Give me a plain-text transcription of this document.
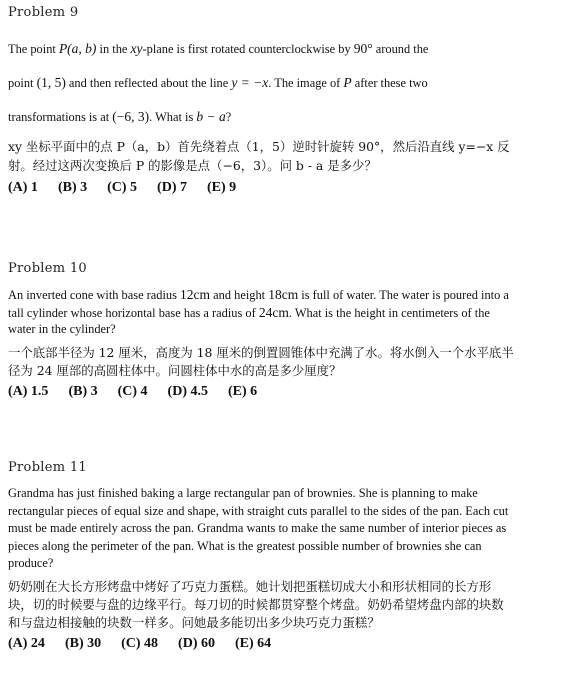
Problem 9
The point P(a, b) in the xy-plane is first rotated counterclockwise by 90° around the
point (1, 5) and then reflected about the line y = −x. The image of P after these two
transformations is at (−6, 3). What is b − a?
xy 坐标平面中的点 P（a，b）首先绕着点（1，5）逆时针旋转 90°，然后沿直线 y=−x 反
射。经过这两次变换后 P 的影像是点（−6，3）。问 b - a 是多少？
(A) 1 (B) 3 (C) 5 (D) 7 (E) 9
Problem 10
An inverted cone with base radius 12cm and height 18cm is full of water. The water is poured into a
tall cylinder whose horizontal base has a radius of 24cm. What is the height in centimeters of the
water in the cylinder?
一个底部半径为 12 厘米，高度为 18 厘米的倒置圆锥体中充满了水。将水倒入一个水平底半
径为 24 厘部的高圆柱体中。问圆柱体中水的高是多少厘度？
(A) 1.5 (B) 3 (C) 4 (D) 4.5 (E) 6
Problem 11
Grandma has just finished baking a large rectangular pan of brownies. She is planning to make
rectangular pieces of equal size and shape, with straight cuts parallel to the sides of the pan. Each cut
must be made entirely across the pan. Grandma wants to make the same number of interior pieces as
pieces along the perimeter of the pan. What is the greatest possible number of brownies she can
produce?
奶奶刚在大长方形烤盘中烤好了巧克力蛋糕。她计划把蛋糕切成大小和形状相同的长方形
块，切的时候要与盘的边缘平行。每刀切的时候都贯穿整个烤盘。奶奶希望烤盘内部的块数
和与盘边相接触的块数一样多。问她最多能切出多少块巧克力蛋糕？
(A) 24 (B) 30 (C) 48 (D) 60 (E) 64
